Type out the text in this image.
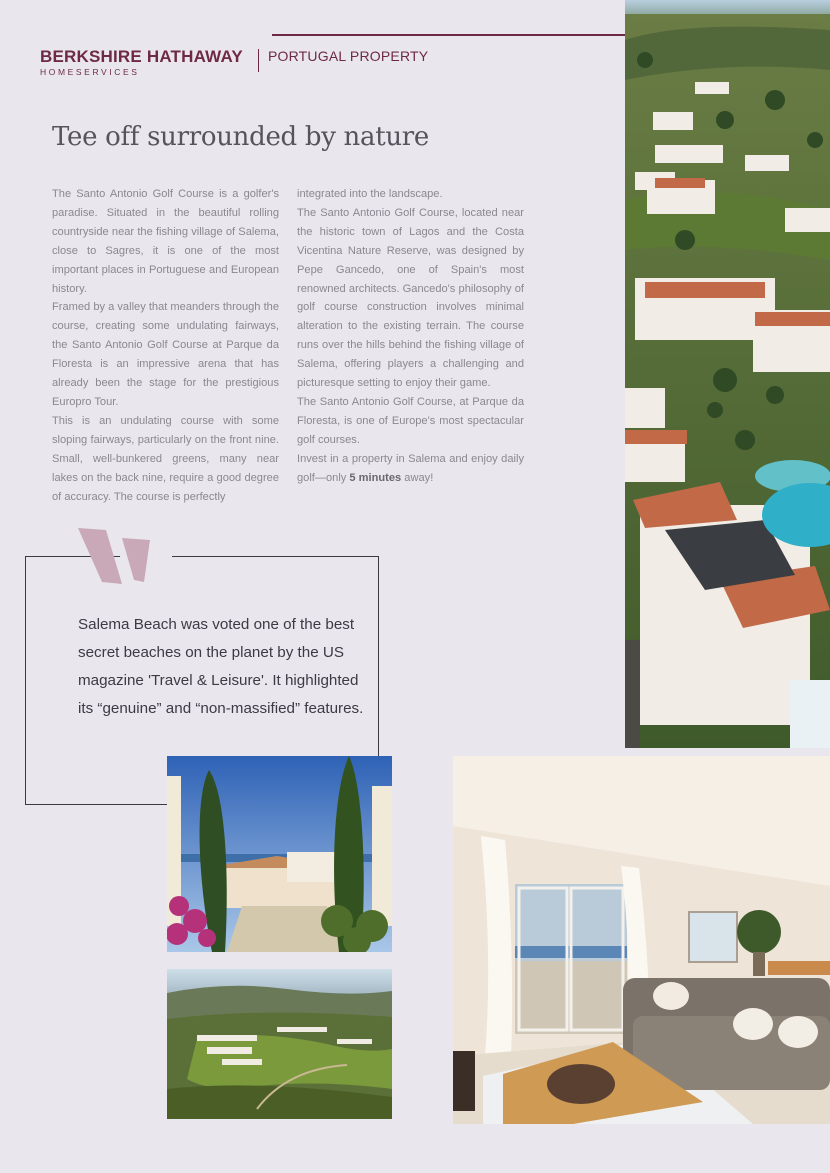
BERKSHIRE HATHAWAY
HOMESERVICES
PORTUGAL PROPERTY
Tee off surrounded by nature

The Santo Antonio Golf Course is a golfer's paradise. Situated in the beautiful rolling countryside near the fishing village of Salema, close to Sagres, it is one of the most important places in Portuguese and European history.

Framed by a valley that meanders through the course, creating some undulating fairways, the Santo Antonio Golf Course at Parque da Floresta is an impressive arena that has already been the stage for the prestigious Europro Tour.

This is an undulating course with some sloping fairways, particularly on the front nine. Small, well-bunkered greens, many near lakes on the back nine, require a good degree of accuracy. The course is perfectly

integrated into the landscape.

The Santo Antonio Golf Course, located near the historic town of Lagos and the Costa Vicentina Nature Reserve, was designed by Pepe Gancedo, one of Spain's most renowned architects. Gancedo's philosophy of golf course construction involves minimal alteration to the existing terrain. The course runs over the hills behind the fishing village of Salema, offering players a challenging and picturesque setting to enjoy their game.

The Santo Antonio Golf Course, at Parque da Floresta, is one of Europe's most spectacular golf courses.

Invest in a property in Salema and enjoy daily golf—only 5 minutes away!

Salema Beach was voted one of the best secret beaches on the planet by the US magazine 'Travel & Leisure'. It highlighted its “genuine” and “non-massified” features.
